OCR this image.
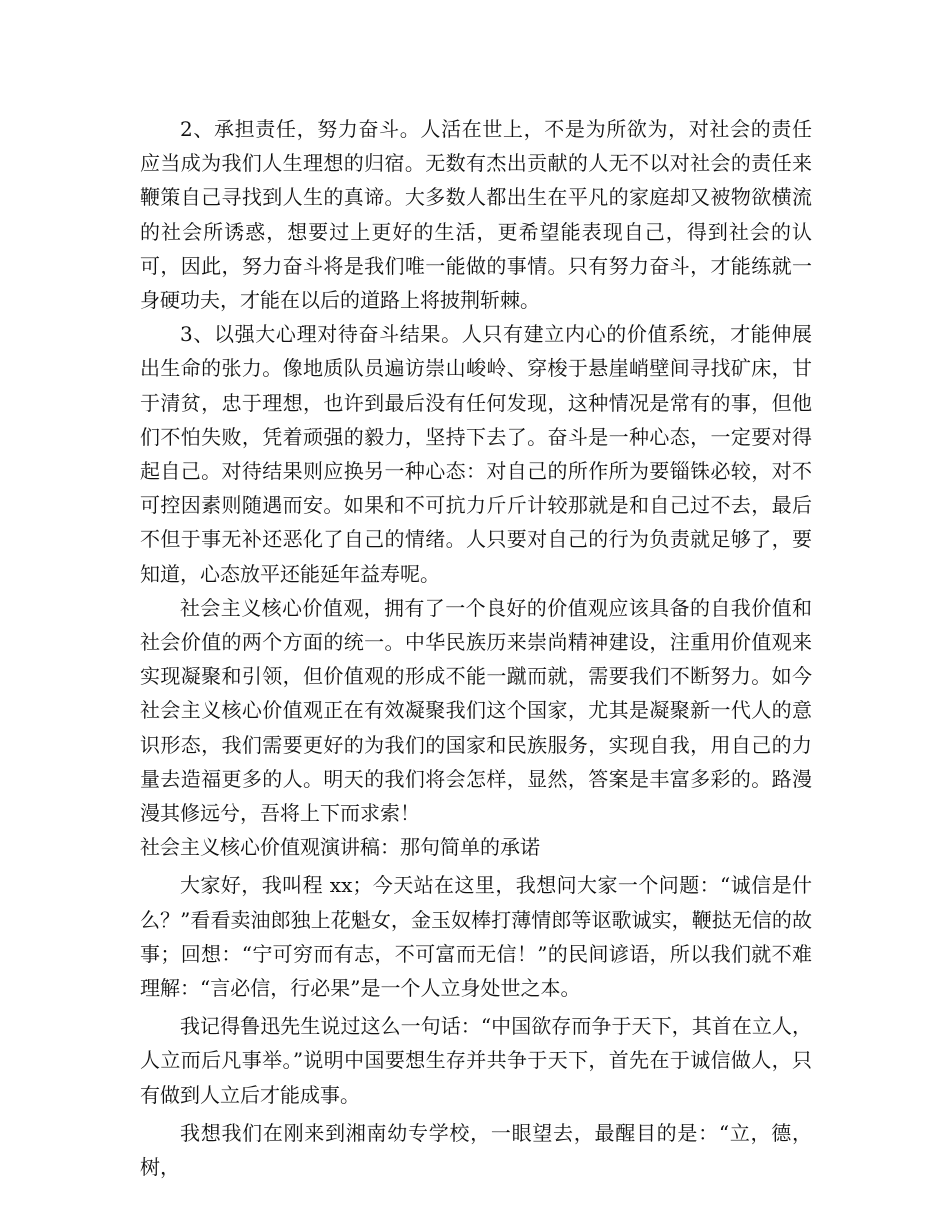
2、承担责任，努力奋斗。人活在世上，不是为所欲为，对社会的责任应当成为我们人生理想的归宿。无数有杰出贡献的人无不以对社会的责任来鞭策自己寻找到人生的真谛。大多数人都出生在平凡的家庭却又被物欲横流的社会所诱惑，想要过上更好的生活，更希望能表现自己，得到社会的认可，因此，努力奋斗将是我们唯一能做的事情。只有努力奋斗，才能练就一身硬功夫，才能在以后的道路上将披荆斩棘。

3、以强大心理对待奋斗结果。人只有建立内心的价值系统，才能伸展出生命的张力。像地质队员遍访崇山峻岭、穿梭于悬崖峭壁间寻找矿床，甘于清贫，忠于理想，也许到最后没有任何发现，这种情况是常有的事，但他们不怕失败，凭着顽强的毅力，坚持下去了。奋斗是一种心态，一定要对得起自己。对待结果则应换另一种心态：对自己的所作所为要锱铢必较，对不可控因素则随遇而安。如果和不可抗力斤斤计较那就是和自己过不去，最后不但于事无补还恶化了自己的情绪。人只要对自己的行为负责就足够了，要知道，心态放平还能延年益寿呢。

社会主义核心价值观，拥有了一个良好的价值观应该具备的自我价值和社会价值的两个方面的统一。中华民族历来崇尚精神建设，注重用价值观来实现凝聚和引领，但价值观的形成不能一蹴而就，需要我们不断努力。如今社会主义核心价值观正在有效凝聚我们这个国家，尤其是凝聚新一代人的意识形态，我们需要更好的为我们的国家和民族服务，实现自我，用自己的力量去造福更多的人。明天的我们将会怎样，显然，答案是丰富多彩的。路漫漫其修远兮，吾将上下而求索！

社会主义核心价值观演讲稿：那句简单的承诺

大家好，我叫程 xx；今天站在这里，我想问大家一个问题：“诚信是什么？”看看卖油郎独上花魁女，金玉奴棒打薄情郎等讴歌诚实，鞭挞无信的故事；回想：“宁可穷而有志，不可富而无信！”的民间谚语，所以我们就不难理解：“言必信，行必果”是一个人立身处世之本。

我记得鲁迅先生说过这么一句话：“中国欲存而争于天下，其首在立人，人立而后凡事举。”说明中国要想生存并共争于天下，首先在于诚信做人，只有做到人立后才能成事。

我想我们在刚来到湘南幼专学校，一眼望去，最醒目的是：“立，德，树，
